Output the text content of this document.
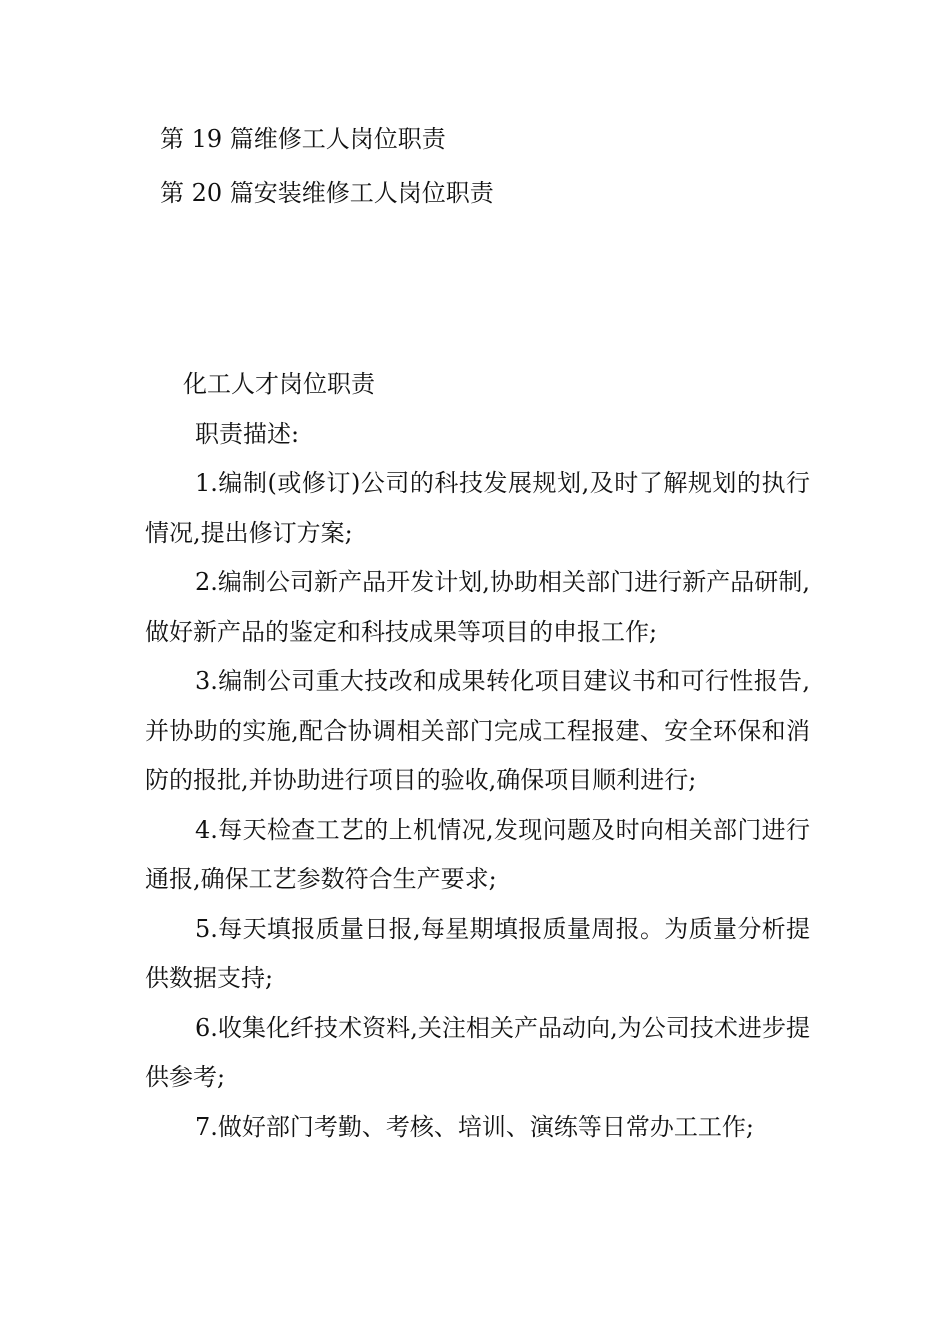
第 19 篇维修工人岗位职责
第 20 篇安装维修工人岗位职责
化工人才岗位职责

职责描述:

1.编制(或修订)公司的科技发展规划,及时了解规划的执行情况,提出修订方案;

2.编制公司新产品开发计划,协助相关部门进行新产品研制,做好新产品的鉴定和科技成果等项目的申报工作;

3.编制公司重大技改和成果转化项目建议书和可行性报告,并协助的实施,配合协调相关部门完成工程报建、安全环保和消防的报批,并协助进行项目的验收,确保项目顺利进行;

4.每天检查工艺的上机情况,发现问题及时向相关部门进行通报,确保工艺参数符合生产要求;

5.每天填报质量日报,每星期填报质量周报。为质量分析提供数据支持;

6.收集化纤技术资料,关注相关产品动向,为公司技术进步提供参考;

7.做好部门考勤、考核、培训、演练等日常办工工作;
